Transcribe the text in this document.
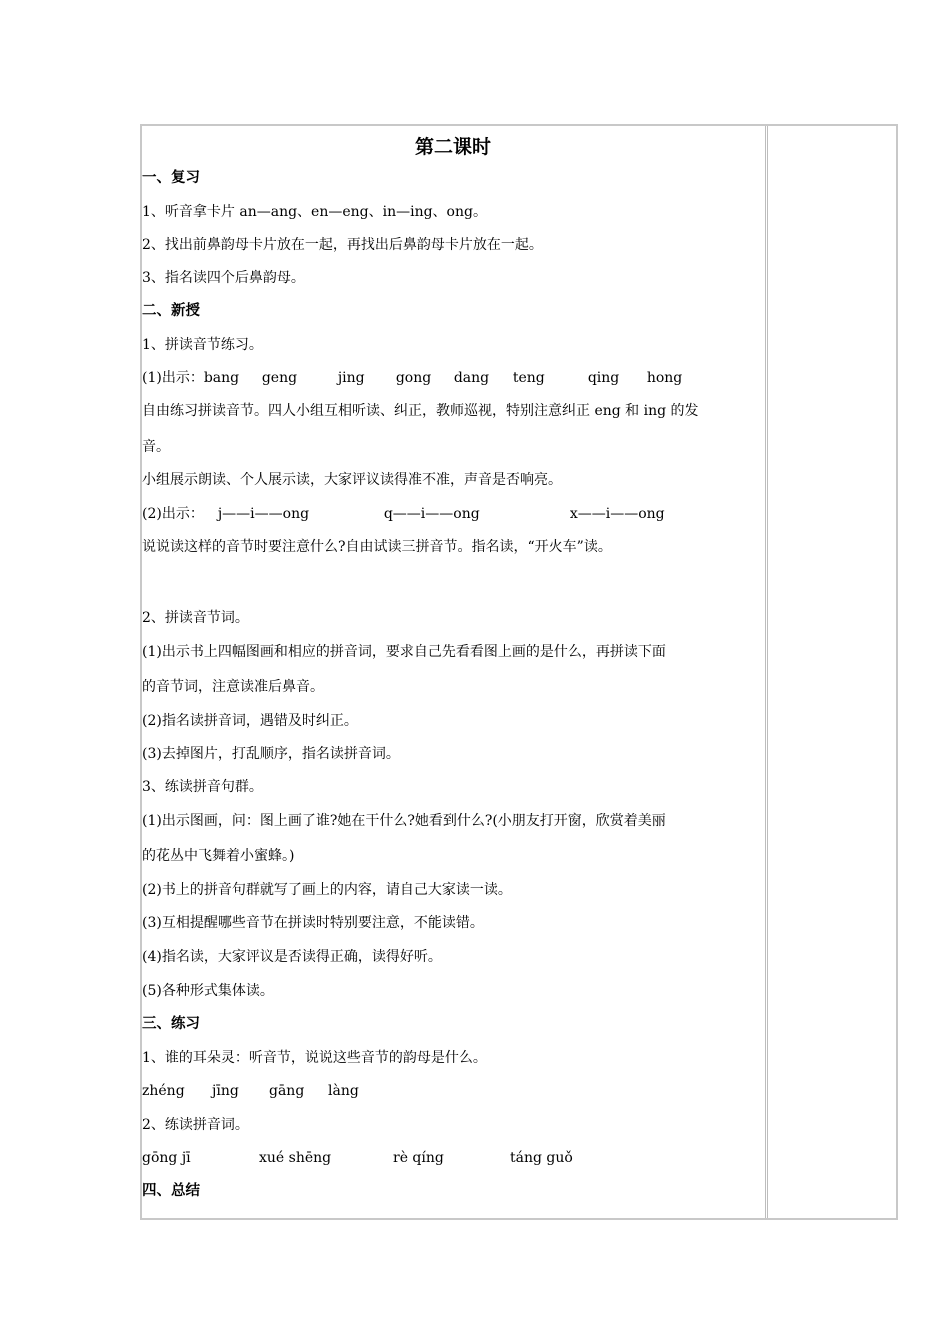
第二课时
一、复习
1、听音拿卡片 an—ang、en—eng、in—ing、ong。
2、找出前鼻韵母卡片放在一起，再找出后鼻韵母卡片放在一起。
3、指名读四个后鼻韵母。
二、新授
1、拼读音节练习。
(1)出示：bang geng	jing gong dang teng	qing hong
自由练习拼读音节。四人小组互相听读、纠正，教师巡视，特别注意纠正 eng 和 ing 的发
音。
小组展示朗读、个人展示读，大家评议读得准不准，声音是否响亮。
(2)出示： j——i——ong	q——i——ong	x——i——ong
说说读这样的音节时要注意什么?自由试读三拼音节。指名读，“开火车”读。
2、拼读音节词。
(1)出示书上四幅图画和相应的拼音词，要求自己先看看图上画的是什么，再拼读下面
的音节词，注意读准后鼻音。
(2)指名读拼音词，遇错及时纠正。
(3)去掉图片，打乱顺序，指名读拼音词。
3、练读拼音句群。
(1)出示图画，问：图上画了谁?她在干什么?她看到什么?(小朋友打开窗，欣赏着美丽
的花丛中飞舞着小蜜蜂。)
(2)书上的拼音句群就写了画上的内容，请自己大家读一读。
(3)互相提醒哪些音节在拼读时特别要注意，不能读错。
(4)指名读，大家评议是否读得正确，读得好听。
(5)各种形式集体读。
三、练习
1、谁的耳朵灵：听音节，说说这些音节的韵母是什么。
zhéng jīng gāng làng
2、练读拼音词。
gōng jī	xué shēng	rè qíng	táng guǒ
四、总结
